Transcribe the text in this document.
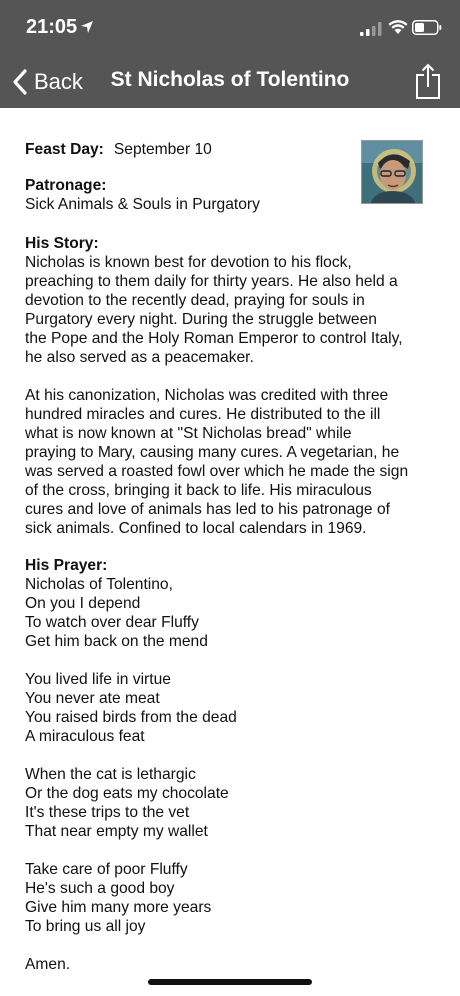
21:05
Back	St Nicholas of Tolentino
Feast Day: September 10
Patronage:
Sick Animals & Souls in Purgatory
His Story:
Nicholas is known best for devotion to his flock,
preaching to them daily for thirty years. He also held a
devotion to the recently dead, praying for souls in
Purgatory every night. During the struggle between
the Pope and the Holy Roman Emperor to control Italy,
he also served as a peacemaker.
At his canonization, Nicholas was credited with three
hundred miracles and cures. He distributed to the ill
what is now known at "St Nicholas bread" while
praying to Mary, causing many cures. A vegetarian, he
was served a roasted fowl over which he made the sign
of the cross, bringing it back to life. His miraculous
cures and love of animals has led to his patronage of
sick animals. Confined to local calendars in 1969.
His Prayer:
Nicholas of Tolentino,
On you I depend
To watch over dear Fluffy
Get him back on the mend
You lived life in virtue
You never ate meat
You raised birds from the dead
A miraculous feat
When the cat is lethargic
Or the dog eats my chocolate
It's these trips to the vet
That near empty my wallet
Take care of poor Fluffy
He's such a good boy
Give him many more years
To bring us all joy
Amen.
